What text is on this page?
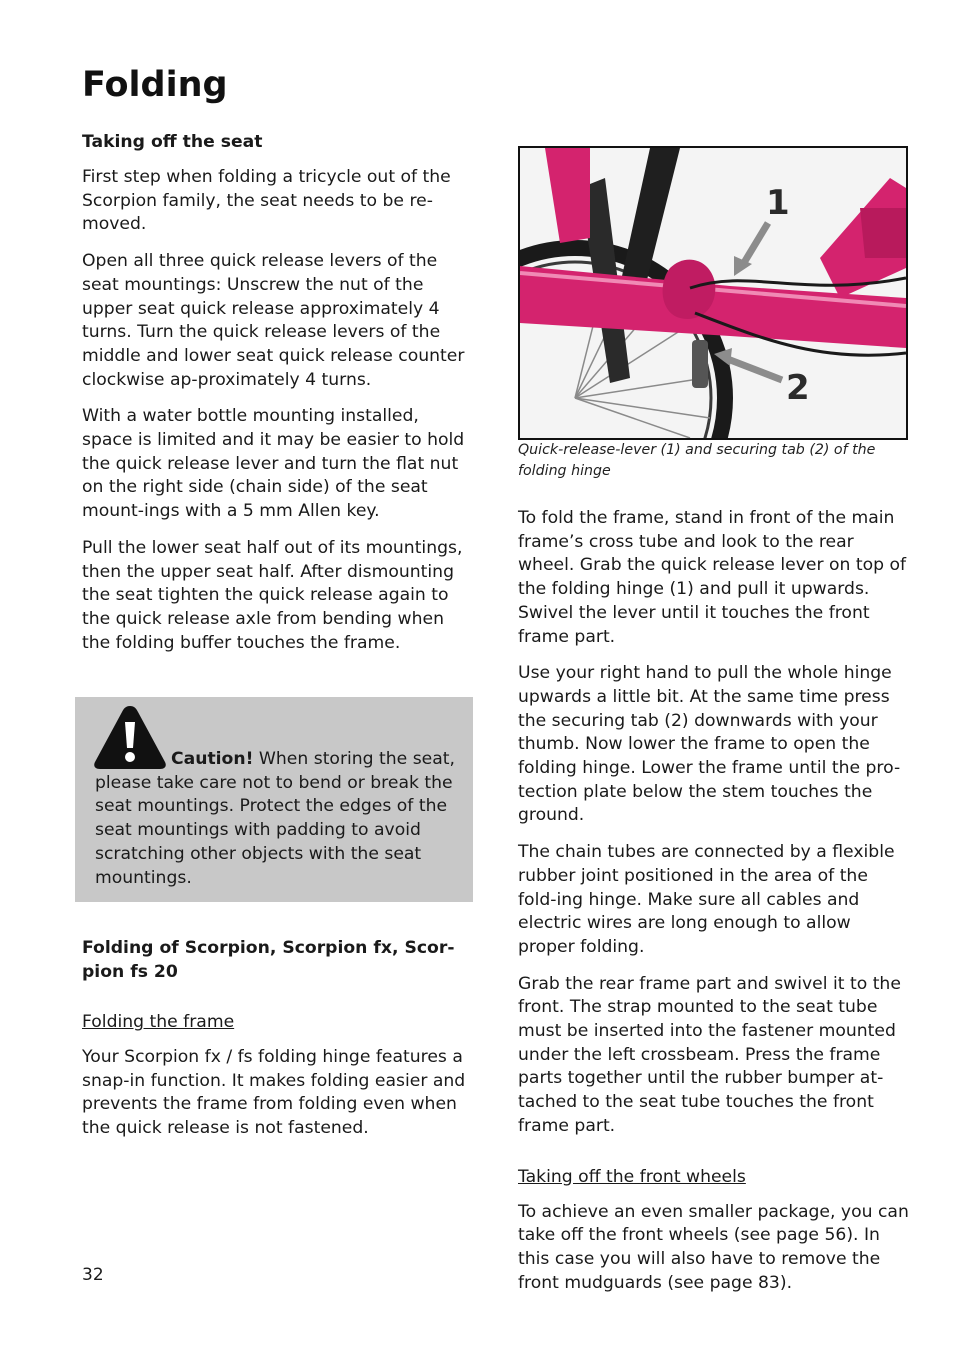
Folding
Taking off the seat

First step when folding a tricycle out of the Scorpion family, the seat needs to be re-moved.

Open all three quick release levers of the seat mountings: Unscrew the nut of the upper seat quick release approximately 4 turns. Turn the quick release levers of the middle and lower seat quick release counter clockwise ap-proximately 4 turns.

With a water bottle mounting installed, space is limited and it may be easier to hold the quick release lever and turn the flat nut on the right side (chain side) of the seat mount-ings with a 5 mm Allen key.

Pull the lower seat half out of its mountings, then the upper seat half. After dismounting the seat tighten the quick release again to the quick release axle from bending when the folding buffer touches the frame.

Caution! When storing the seat, please take care not to bend or break the seat mountings. Protect the edges of the seat mountings with padding to avoid scratching other objects with the seat mountings.
Folding of Scorpion, Scorpion fx, Scor-pion fs 20
Folding the frame

Your Scorpion fx / fs folding hinge features a snap-in function. It makes folding easier and prevents the frame from folding even when the quick release is not fastened.

1
2
Quick-release-lever (1) and securing tab (2) of the folding hinge

To fold the frame, stand in front of the main frame’s cross tube and look to the rear wheel. Grab the quick release lever on top of the folding hinge (1) and pull it upwards. Swivel the lever until it touches the front frame part.

Use your right hand to pull the whole hinge upwards a little bit. At the same time press the securing tab (2) downwards with your thumb. Now lower the frame to open the folding hinge. Lower the frame until the pro-tection plate below the stem touches the ground.

The chain tubes are connected by a flexible rubber joint positioned in the area of the fold-ing hinge. Make sure all cables and electric wires are long enough to allow proper folding.

Grab the rear frame part and swivel it to the front. The strap mounted to the seat tube must be inserted into the fastener mounted under the left crossbeam. Press the frame parts together until the rubber bumper at-tached to the seat tube touches the front frame part.

Taking off the front wheels

To achieve an even smaller package, you can take off the front wheels (see page 56). In this case you will also have to remove the front mudguards (see page 83).

32
